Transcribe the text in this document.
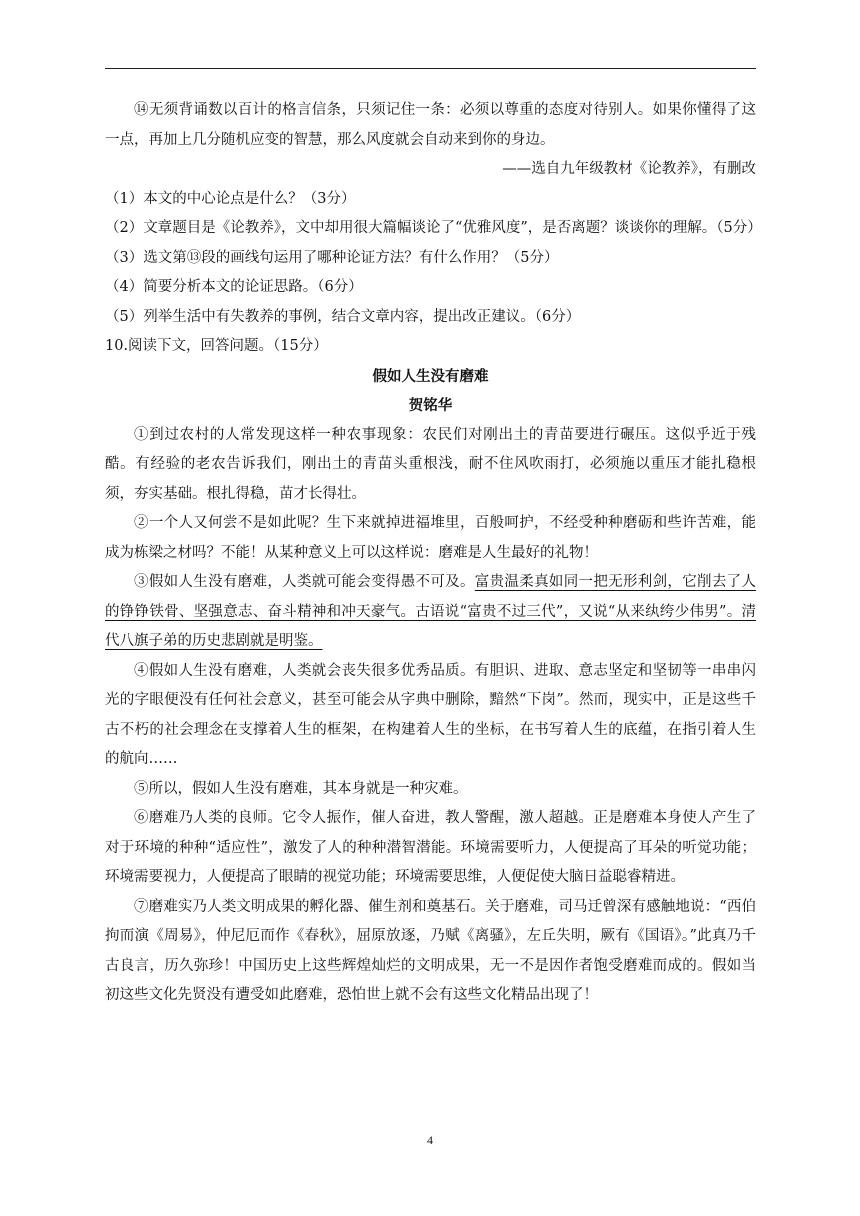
⑭无须背诵数以百计的格言信条，只须记住一条：必须以尊重的态度对待别人。如果你懂得了这一点，再加上几分随机应变的智慧，那么风度就会自动来到你的身边。

——选自九年级教材《论教养》，有删改

（1）本文的中心论点是什么？（3分）

（2）文章题目是《论教养》，文中却用很大篇幅谈论了“优雅风度”，是否离题？谈谈你的理解。（5分）

（3）选文第⑬段的画线句运用了哪种论证方法？有什么作用？（5分）

（4）简要分析本文的论证思路。（6分）

（5）列举生活中有失教养的事例，结合文章内容，提出改正建议。（6分）

10.阅读下文，回答问题。（15分）

假如人生没有磨难

贺铭华

①到过农村的人常发现这样一种农事现象：农民们对刚出土的青苗要进行碾压。这似乎近于残酷。有经验的老农告诉我们，刚出土的青苗头重根浅，耐不住风吹雨打，必须施以重压才能扎稳根须，夯实基础。根扎得稳，苗才长得壮。

②一个人又何尝不是如此呢？生下来就掉进福堆里，百般呵护，不经受种种磨砺和些许苦难，能成为栋梁之材吗？不能！从某种意义上可以这样说：磨难是人生最好的礼物！

③假如人生没有磨难，人类就可能会变得愚不可及。富贵温柔真如同一把无形利剑，它削去了人的铮铮铁骨、坚强意志、奋斗精神和冲天豪气。古语说“富贵不过三代”，又说“从来纨绔少伟男”。清代八旗子弟的历史悲剧就是明鉴。

④假如人生没有磨难，人类就会丧失很多优秀品质。有胆识、进取、意志坚定和坚韧等一串串闪光的字眼便没有任何社会意义，甚至可能会从字典中删除，黯然“下岗”。然而，现实中，正是这些千古不朽的社会理念在支撑着人生的框架，在构建着人生的坐标，在书写着人生的底蕴，在指引着人生的航向……

⑤所以，假如人生没有磨难，其本身就是一种灾难。

⑥磨难乃人类的良师。它令人振作，催人奋进，教人警醒，激人超越。正是磨难本身使人产生了对于环境的种种“适应性”，激发了人的种种潜智潜能。环境需要听力，人便提高了耳朵的听觉功能；环境需要视力，人便提高了眼睛的视觉功能；环境需要思维，人便促使大脑日益聪睿精进。

⑦磨难实乃人类文明成果的孵化器、催生剂和奠基石。关于磨难，司马迁曾深有感触地说：“西伯拘而演《周易》，仲尼厄而作《春秋》，屈原放逐，乃赋《离骚》，左丘失明，厥有《国语》。”此真乃千古良言，历久弥珍！中国历史上这些辉煌灿烂的文明成果，无一不是因作者饱受磨难而成的。假如当初这些文化先贤没有遭受如此磨难，恐怕世上就不会有这些文化精品出现了！

4
